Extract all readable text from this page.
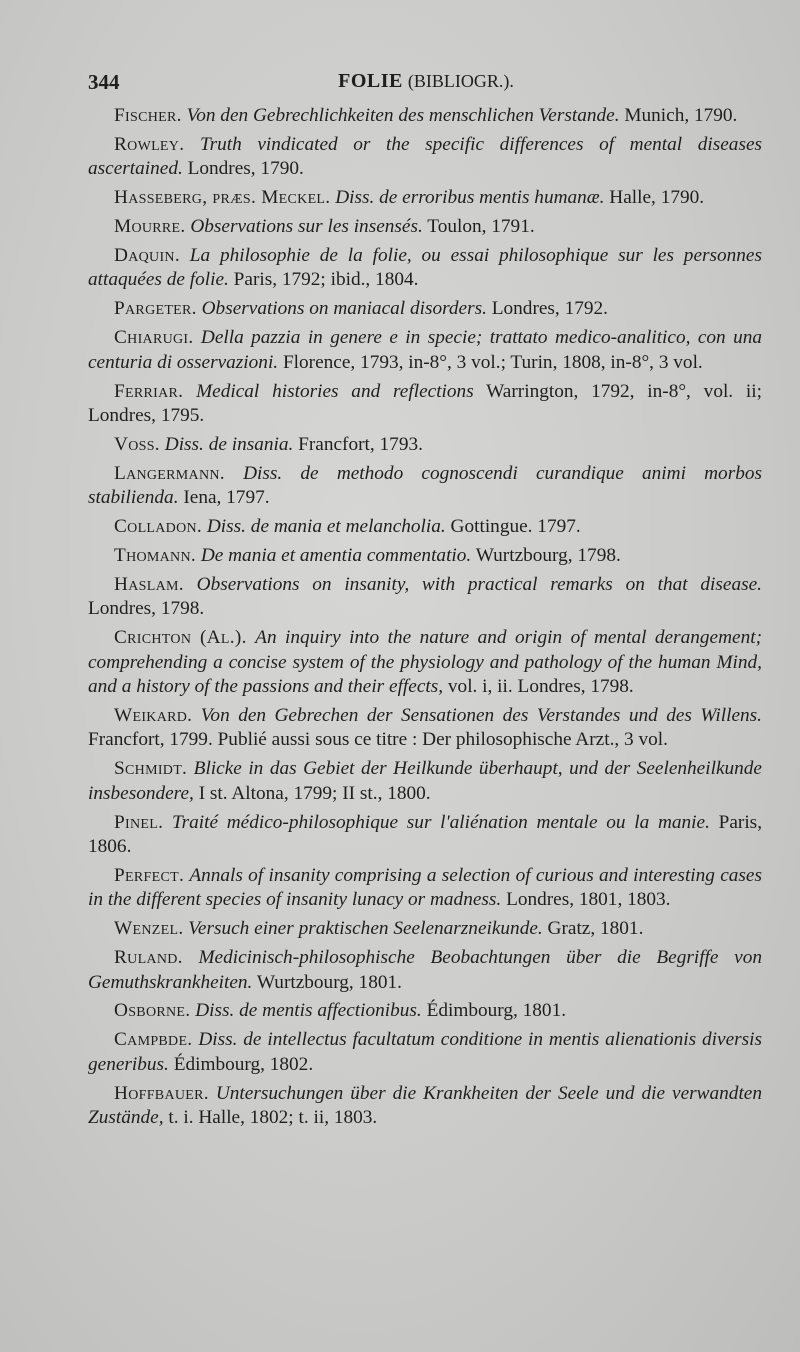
344	FOLIE (BIBLIOGR.).

Fischer. Von den Gebrechlichkeiten des menschlichen Verstande. Munich, 1790.

Rowley. Truth vindicated or the specific differences of mental diseases ascertained. Londres, 1790.

Hasseberg, præs. Meckel. Diss. de erroribus mentis humanæ. Halle, 1790.

Mourre. Observations sur les insensés. Toulon, 1791.

Daquin. La philosophie de la folie, ou essai philosophique sur les personnes attaquées de folie. Paris, 1792; ibid., 1804.

Pargeter. Observations on maniacal disorders. Londres, 1792.

Chiarugi. Della pazzia in genere e in specie; trattato medico-analitico, con una centuria di osservazioni. Florence, 1793, in-8°, 3 vol.; Turin, 1808, in-8°, 3 vol.

Ferriar. Medical histories and reflections Warrington, 1792, in-8°, vol. ii; Londres, 1795.

Voss. Diss. de insania. Francfort, 1793.

Langermann. Diss. de methodo cognoscendi curandique animi morbos stabilienda. Iena, 1797.

Colladon. Diss. de mania et melancholia. Gottingue. 1797.

Thomann. De mania et amentia commentatio. Wurtzbourg, 1798.

Haslam. Observations on insanity, with practical remarks on that disease. Londres, 1798.

Crichton (Al.). An inquiry into the nature and origin of mental derangement; comprehending a concise system of the physiology and pathology of the human Mind, and a history of the passions and their effects, vol. i, ii. Londres, 1798.

Weikard. Von den Gebrechen der Sensationen des Verstandes und des Willens. Francfort, 1799. Publié aussi sous ce titre : Der philosophische Arzt., 3 vol.

Schmidt. Blicke in das Gebiet der Heilkunde überhaupt, und der Seelenheilkunde insbesondere, I st. Altona, 1799; II st., 1800.

Pinel. Traité médico-philosophique sur l'aliénation mentale ou la manie. Paris, 1806.

Perfect. Annals of insanity comprising a selection of curious and interesting cases in the different species of insanity lunacy or madness. Londres, 1801, 1803.

Wenzel. Versuch einer praktischen Seelenarzneikunde. Gratz, 1801.

Ruland. Medicinisch-philosophische Beobachtungen über die Begriffe von Gemuthskrankheiten. Wurtzbourg, 1801.

Osborne. Diss. de mentis affectionibus. Édimbourg, 1801.

Campbde. Diss. de intellectus facultatum conditione in mentis alienationis diversis generibus. Édimbourg, 1802.

Hoffbauer. Untersuchungen über die Krankheiten der Seele und die verwandten Zustände, t. i. Halle, 1802; t. ii, 1803.
